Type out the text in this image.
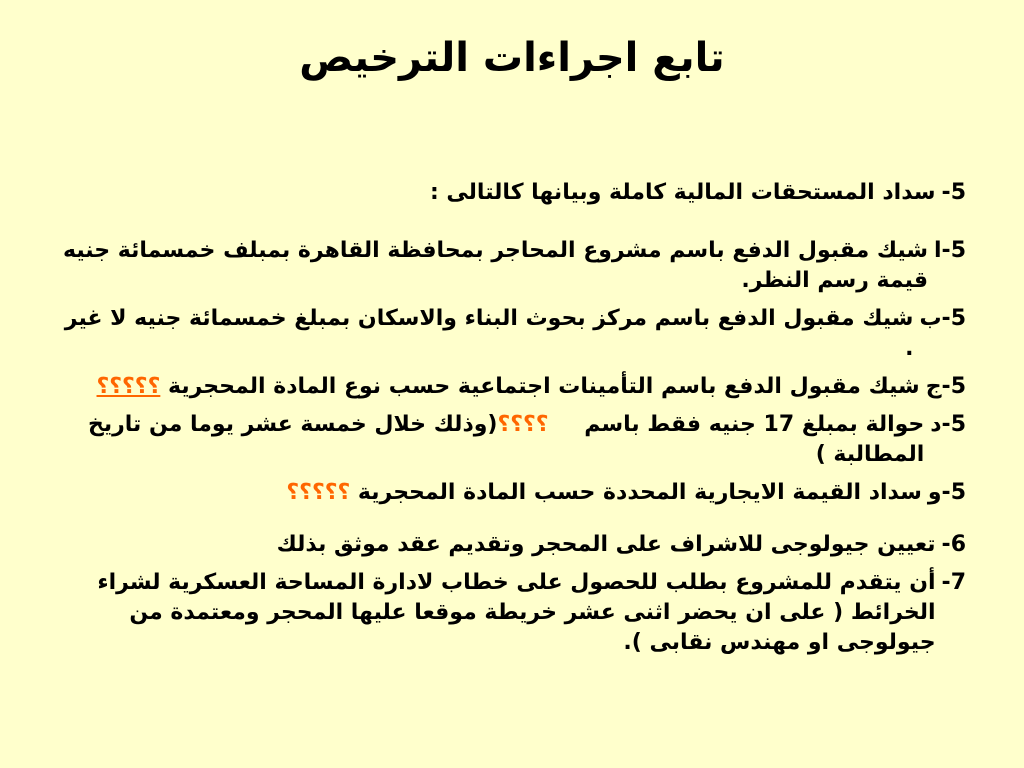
تابع اجراءات الترخيص
5-
سداد المستحقات المالية كاملة وبيانها كالتالى :
5-ا
شيك مقبول الدفع باسم مشروع المحاجر بمحافظة القاهرة بمبلف خمسمائة جنيه قيمة رسم النظر.
5-ب
شيك مقبول الدفع باسم مركز بحوث البناء والاسكان بمبلغ خمسمائة جنيه لا غير .
5-ج
شيك مقبول الدفع باسم التأمينات اجتماعية حسب نوع المادة المحجرية ؟؟؟؟؟
5-د
حوالة بمبلغ 17 جنيه فقط باسم ؟؟؟؟(وذلك خلال خمسة عشر يوما من تاريخ المطالبة )
5-و
سداد القيمة الايجارية المحددة حسب المادة المحجرية ؟؟؟؟؟
6-
تعيين جيولوجى للاشراف على المحجر وتقديم عقد موثق بذلك
7-
أن يتقدم للمشروع بطلب للحصول على خطاب لادارة المساحة العسكرية لشراء الخرائط ( على ان يحضر اثنى عشر خريطة موقعا عليها المحجر ومعتمدة من جيولوجى او مهندس نقابى ).
